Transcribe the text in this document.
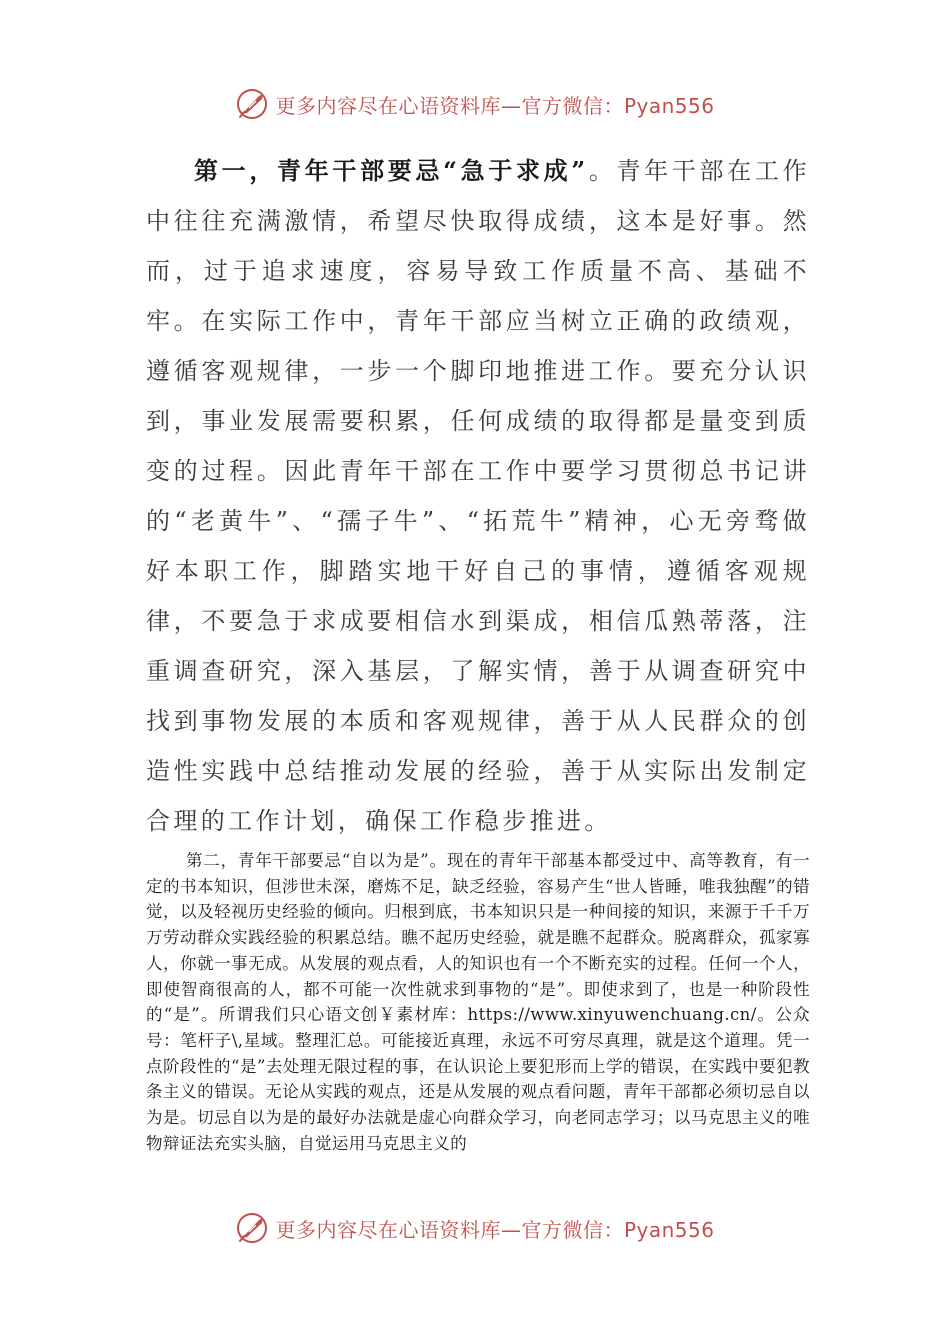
更多内容尽在心语资料库—官方微信：Pyan556
第一，青年干部要忌“急于求成”。青年干部在工作中往往充满激情，希望尽快取得成绩，这本是好事。然而，过于追求速度，容易导致工作质量不高、基础不牢。在实际工作中，青年干部应当树立正确的政绩观，遵循客观规律，一步一个脚印地推进工作。要充分认识到，事业发展需要积累，任何成绩的取得都是量变到质变的过程。因此青年干部在工作中要学习贯彻总书记讲的“老黄牛”、“孺子牛”、“拓荒牛”精神，心无旁骛做好本职工作，脚踏实地干好自己的事情，遵循客观规律，不要急于求成要相信水到渠成，相信瓜熟蒂落，注重调查研究，深入基层，了解实情，善于从调查研究中找到事物发展的本质和客观规律，善于从人民群众的创造性实践中总结推动发展的经验，善于从实际出发制定合理的工作计划，确保工作稳步推进。
第二，青年干部要忌“自以为是”。现在的青年干部基本都受过中、高等教育，有一定的书本知识，但涉世未深，磨炼不足，缺乏经验，容易产生“世人皆睡，唯我独醒”的错觉，以及轻视历史经验的倾向。归根到底，书本知识只是一种间接的知识，来源于千千万万劳动群众实践经验的积累总结。瞧不起历史经验，就是瞧不起群众。脱离群众，孤家寡人，你就一事无成。从发展的观点看，人的知识也有一个不断充实的过程。任何一个人，即使智商很高的人，都不可能一次性就求到事物的“是”。即使求到了，也是一种阶段性的“是”。所谓我们只心语文创￥素材库：https://www.xinyuwenchuang.cn/。公众号：笔杆子\,星域。整理汇总。可能接近真理，永远不可穷尽真理，就是这个道理。凭一点阶段性的“是”去处理无限过程的事，在认识论上要犯形而上学的错误，在实践中要犯教条主义的错误。无论从实践的观点，还是从发展的观点看问题，青年干部都必须切忌自以为是。切忌自以为是的最好办法就是虚心向群众学习，向老同志学习；以马克思主义的唯物辩证法充实头脑，自觉运用马克思主义的
更多内容尽在心语资料库—官方微信：Pyan556
